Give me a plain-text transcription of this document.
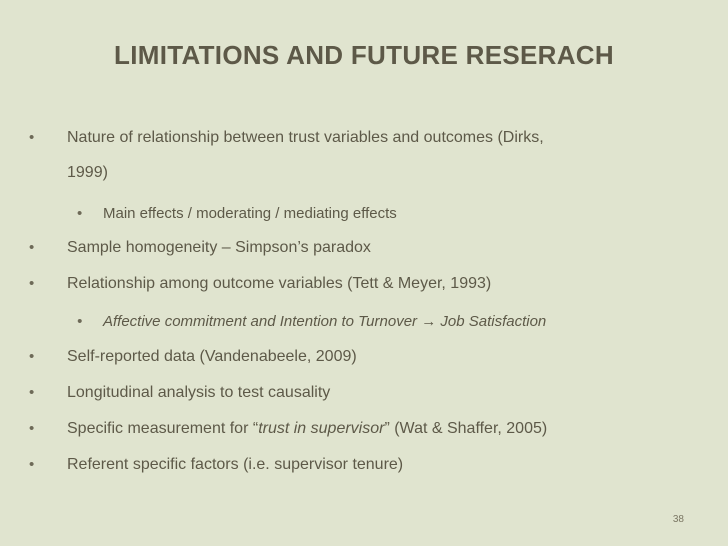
LIMITATIONS AND FUTURE RESERACH
• Nature of relationship between trust variables and outcomes (Dirks,
1999)
• Main effects / moderating / mediating effects
• Sample homogeneity – Simpson’s paradox
• Relationship among outcome variables (Tett & Meyer, 1993)
• Affective commitment and Intention to Turnover → Job Satisfaction
• Self-reported data (Vandenabeele, 2009)
• Longitudinal analysis to test causality
• Specific measurement for “trust in supervisor” (Wat & Shaffer, 2005)
• Referent specific factors (i.e. supervisor tenure)
38
